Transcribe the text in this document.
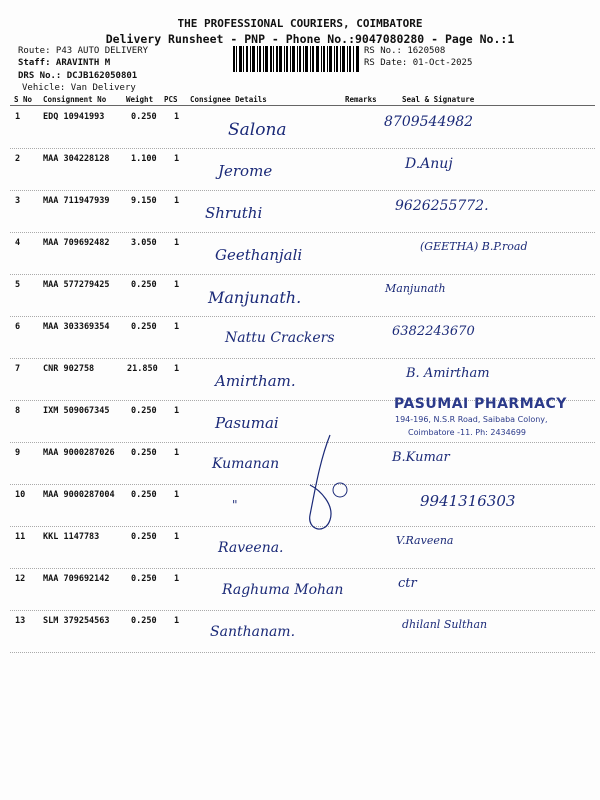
THE PROFESSIONAL COURIERS, COIMBATORE
Delivery Runsheet - PNP - Phone No.:9047080280 - Page No.:1
Route: P43 AUTO DELIVERY
Staff: ARAVINTH M
DRS No.: DCJB162050801
Vehicle: Van Delivery
RS No.: 1620508
RS Date: 01-Oct-2025
S No Consignment No	Weight PCS Consignee Details	Remarks	Seal & Signature
1	EDQ 10941993	0.250 1
Salona	8709544982
2	MAA 304228128	1.100 1
Jerome	D.Anuj
3	MAA 711947939	9.150 1
Shruthi	9626255772.
4	MAA 709692482	3.050 1
Geethanjali	(GEETHA) B.P.road
5	MAA 577279425	0.250 1
Manjunath.	Manjunath
6	MAA 303369354	0.250 1
Nattu Crackers	6382243670
7	CNR 902758	21.850 1
Amirtham.	B. Amirtham
8	IXM 509067345	0.250 1
Pasumai
9	MAA 9000287026 0.250 1
Kumanan	B.Kumar
10 MAA 9000287004 0.250 1
"	9941316303
11 KKL 1147783	0.250 1
Raveena.	V.Raveena
12 MAA 709692142	0.250 1
Raghuma Mohan	ctr
13 SLM 379254563	0.250 1
Santhanam.	dhilanl Sulthan
PASUMAI PHARMACY
194-196, N.S.R Road, Saibaba Colony,
Coimbatore -11. Ph: 2434699
